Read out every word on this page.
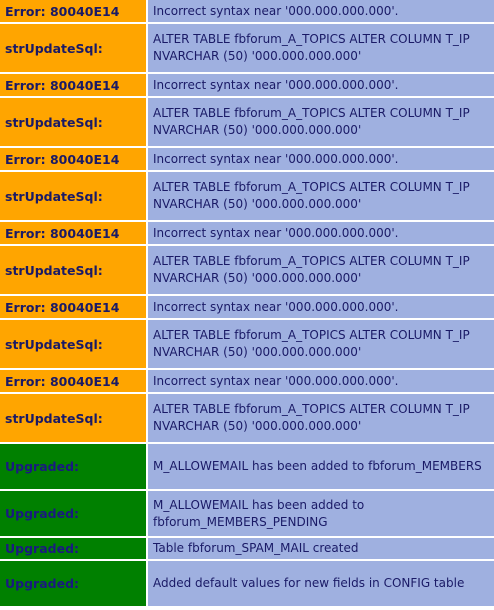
Error: 80040E14	Incorrect syntax near '000.000.000.000'.
strUpdateSql:	ALTER TABLE fbforum_A_TOPICS ALTER COLUMN T_IP NVARCHAR (50) '000.000.000.000'
Error: 80040E14	Incorrect syntax near '000.000.000.000'.
strUpdateSql:	ALTER TABLE fbforum_A_TOPICS ALTER COLUMN T_IP NVARCHAR (50) '000.000.000.000'
Error: 80040E14	Incorrect syntax near '000.000.000.000'.
strUpdateSql:	ALTER TABLE fbforum_A_TOPICS ALTER COLUMN T_IP NVARCHAR (50) '000.000.000.000'
Error: 80040E14	Incorrect syntax near '000.000.000.000'.
strUpdateSql:	ALTER TABLE fbforum_A_TOPICS ALTER COLUMN T_IP NVARCHAR (50) '000.000.000.000'
Error: 80040E14	Incorrect syntax near '000.000.000.000'.
strUpdateSql:	ALTER TABLE fbforum_A_TOPICS ALTER COLUMN T_IP NVARCHAR (50) '000.000.000.000'
Error: 80040E14	Incorrect syntax near '000.000.000.000'.
strUpdateSql:	ALTER TABLE fbforum_A_TOPICS ALTER COLUMN T_IP NVARCHAR (50) '000.000.000.000'
Upgraded:	M_ALLOWEMAIL has been added to fbforum_MEMBERS
Upgraded:	M_ALLOWEMAIL has been added to fbforum_MEMBERS_PENDING
Upgraded:	Table fbforum_SPAM_MAIL created
Upgraded:	Added default values for new fields in CONFIG table
